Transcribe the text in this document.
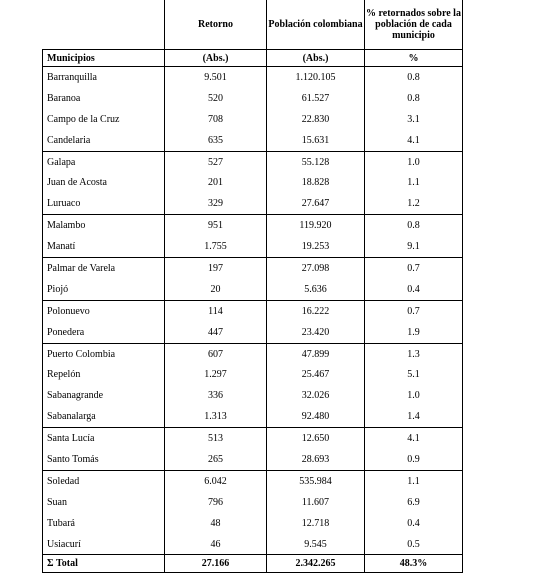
	Retorno	Población colombiana	% retornados sobre la población de cada municipio
Municipios	(Abs.)	(Abs.)	%
Barranquilla	9.501	1.120.105	0.8
Baranoa	520	61.527	0.8
Campo de la Cruz	708	22.830	3.1
Candelaria	635	15.631	4.1
Galapa	527	55.128	1.0
Juan de Acosta	201	18.828	1.1
Luruaco	329	27.647	1.2
Malambo	951	119.920	0.8
Manatí	1.755	19.253	9.1
Palmar de Varela	197	27.098	0.7
Piojó	20	5.636	0.4
Polonuevo	114	16.222	0.7
Ponedera	447	23.420	1.9
Puerto Colombia	607	47.899	1.3
Repelón	1.297	25.467	5.1
Sabanagrande	336	32.026	1.0
Sabanalarga	1.313	92.480	1.4
Santa Lucía	513	12.650	4.1
Santo Tomás	265	28.693	0.9
Soledad	6.042	535.984	1.1
Suan	796	11.607	6.9
Tubará	48	12.718	0.4
Usiacurí	46	9.545	0.5
Σ Total	27.166	2.342.265	48.3%
